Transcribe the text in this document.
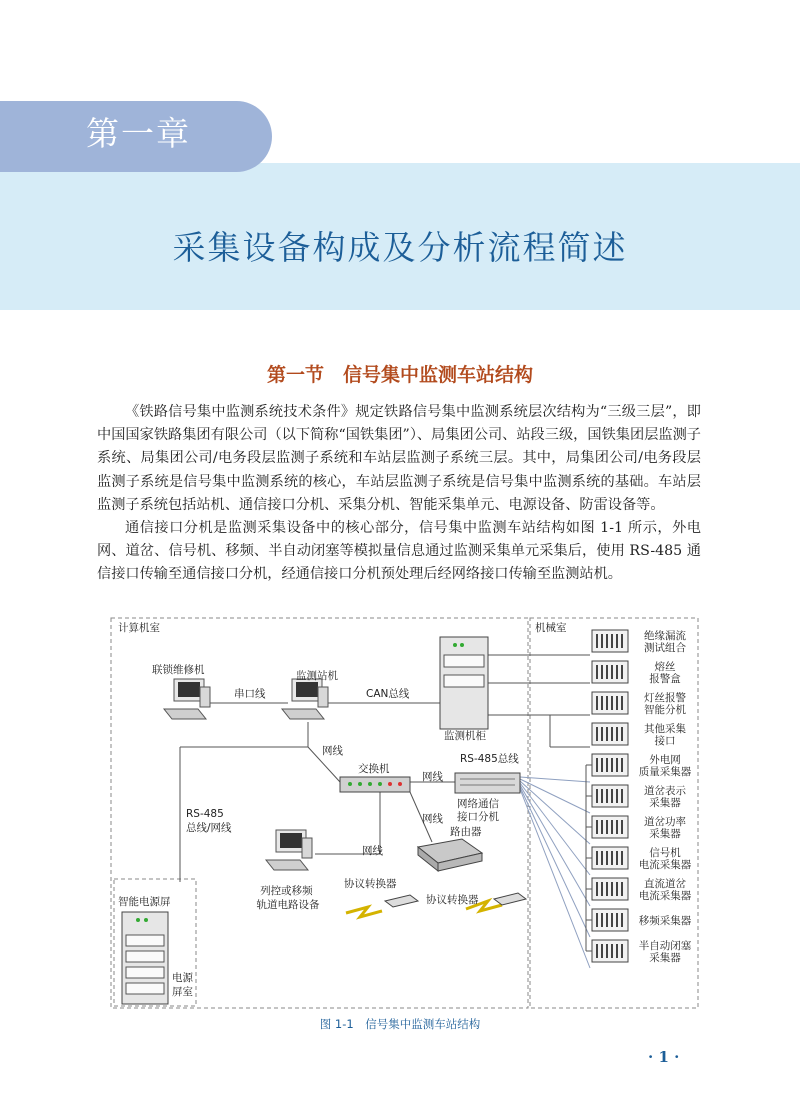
第一章
采集设备构成及分析流程简述
第一节　信号集中监测车站结构

《铁路信号集中监测系统技术条件》规定铁路信号集中监测系统层次结构为“三级三层”，即中国国家铁路集团有限公司（以下简称“国铁集团”）、局集团公司、站段三级，国铁集团层监测子系统、局集团公司/电务段层监测子系统和车站层监测子系统三层。其中，局集团公司/电务段层监测子系统是信号集中监测系统的核心，车站层监测子系统是信号集中监测系统的基础。车站层监测子系统包括站机、通信接口分机、采集分机、智能采集单元、电源设备、防雷设备等。

通信接口分机是监测采集设备中的核心部分，信号集中监测车站结构如图 1-1 所示，外电网、道岔、信号机、移频、半自动闭塞等模拟量信息通过监测采集单元采集后，使用 RS-485 通信接口传输至通信接口分机，经通信接口分机预处理后经网络接口传输至监测站机。

计算机室	机械室
智能电源屏
联锁维修机	监测站机
列控或移频 轨道电路设备
监测机柜
交换机
网络通信 接口分机
路由器
协议转换器
协议转换器
电源 屏室
串口线	CAN总线
网线
网线
网线
网线
RS-485总线
RS-485 总线/网线
绝缘漏流测试组合
熔丝报警盒
灯丝报警智能分机
其他采集接口
外电网质量采集器
道岔表示采集器
道岔功率采集器
信号机电流采集器
直流道岔电流采集器
移频采集器
半自动闭塞采集器
图 1-1　信号集中监测车站结构
· 1 ·
